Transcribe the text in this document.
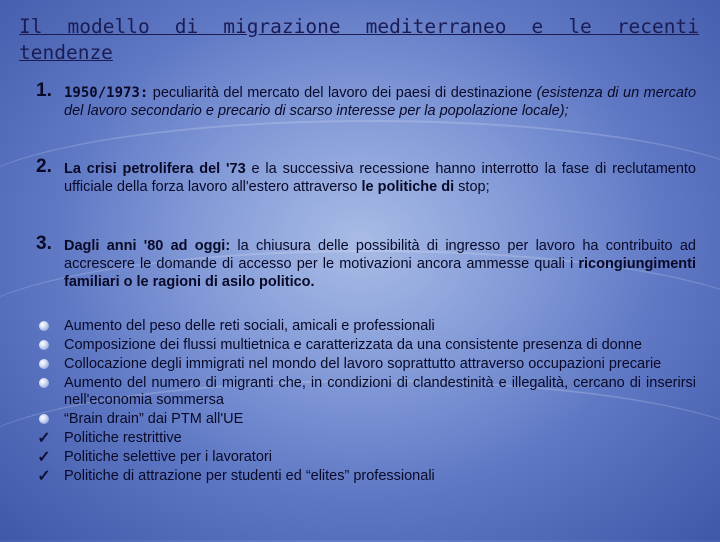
Il modello di migrazione mediterraneo e le recenti tendenze
1. 1950/1973: peculiarità del mercato del lavoro dei paesi di destinazione (esistenza di un mercato del lavoro secondario e precario di scarso interesse per la popolazione locale);
2. La crisi petrolifera del '73 e la successiva recessione hanno interrotto la fase di reclutamento ufficiale della forza lavoro all'estero attraverso le politiche di stop;
3. Dagli anni '80 ad oggi: la chiusura delle possibilità di ingresso per lavoro ha contribuito ad accrescere le domande di accesso per le motivazioni ancora ammesse quali i ricongiungimenti familiari o le ragioni di asilo politico.
Aumento del peso delle reti sociali, amicali e professionali
Composizione dei flussi multietnica e caratterizzata da una consistente presenza di donne
Collocazione degli immigrati nel mondo del lavoro soprattutto attraverso occupazioni precarie
Aumento del numero di migranti che, in condizioni di clandestinità e illegalità, cercano di inserirsi nell'economia sommersa
“Brain drain” dai PTM all'UE
✓ Politiche restrittive
✓ Politiche selettive per i lavoratori
✓ Politiche di attrazione per studenti ed “elites” professionali
